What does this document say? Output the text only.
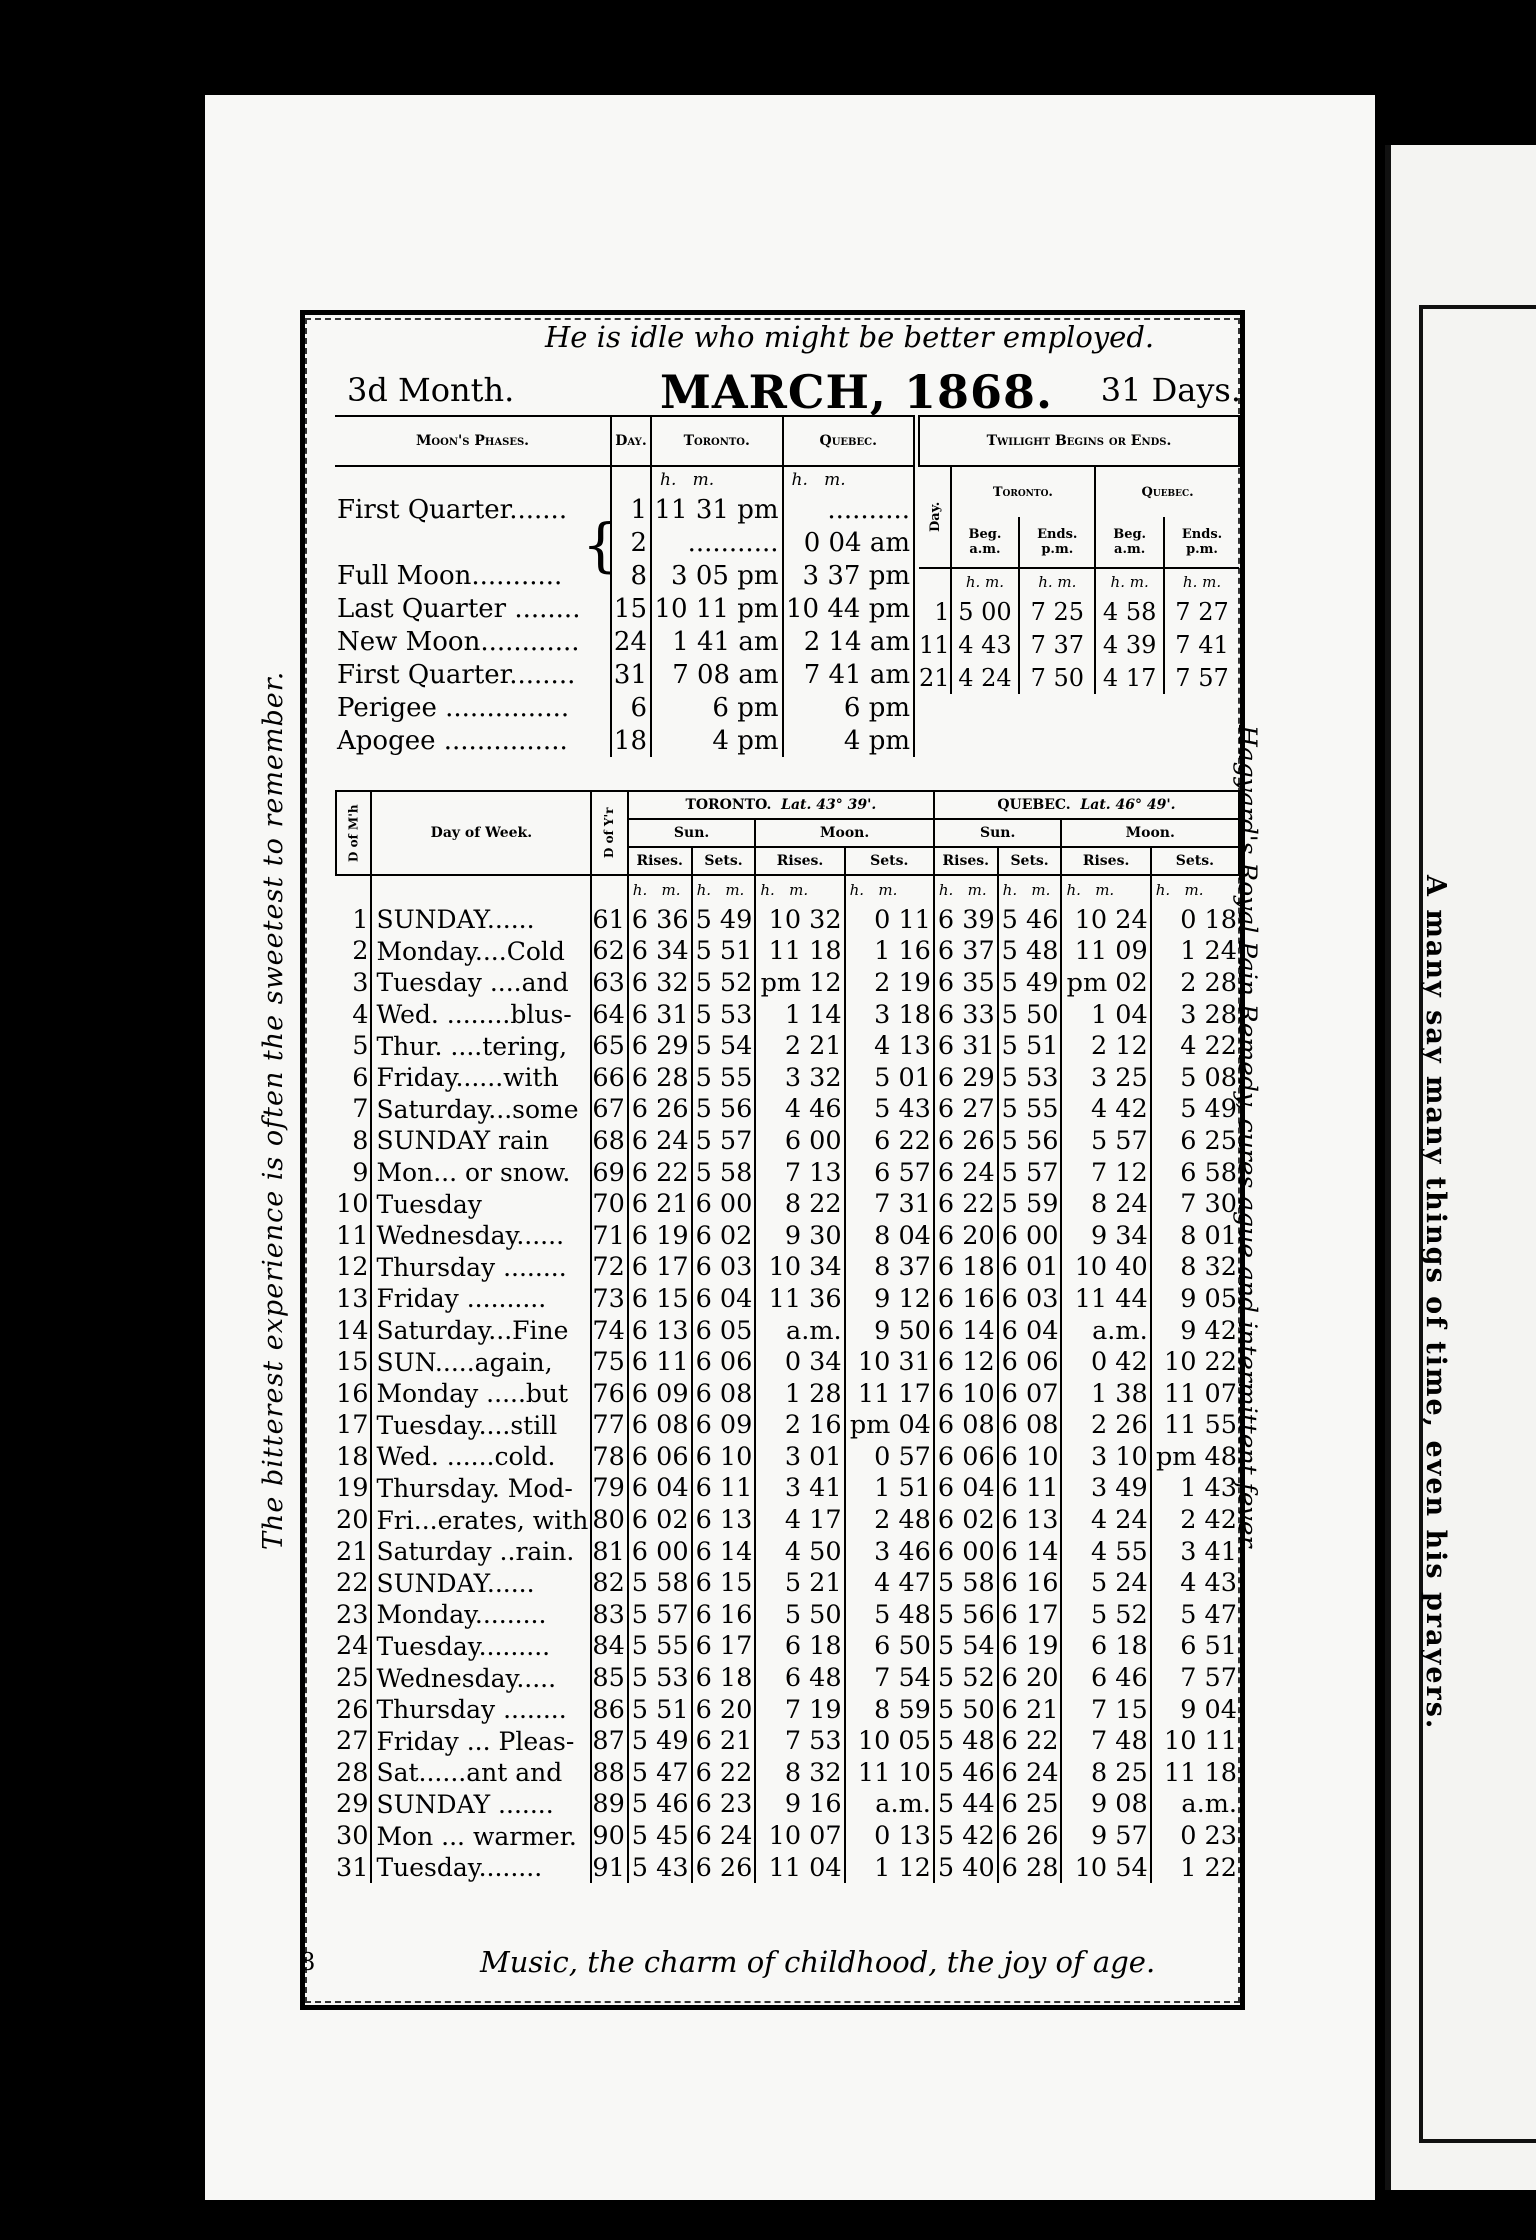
A many say many things of time, even his prayers.
He is idle who might be better employed.
3d Month.	MARCH, 1868. 31 Days.
Moon's Phases.	Day.	Toronto.	Quebec.
		h. m.	h. m.
First Quarter.......	1	11 31 pm	..........
	2	...........	0 04 am
Full Moon...........	8	3 05 pm	3 37 pm
Last Quarter ........	15	10 11 pm	10 44 pm
New Moon............	24	1 41 am	2 14 am
First Quarter........	31	7 08 am	7 41 am
Perigee ...............	6	6 pm	6 pm
Apogee ...............	18	4 pm	4 pm
Twilight Begins or Ends.				
Day.	Toronto.		Quebec.	
	Beg. a.m.	Ends. p.m.	Beg. a.m.	Ends. p.m.
	h. m.	h. m.	h. m.	h. m.
1	5 00	7 25	4 58	7 27
11	4 43	7 37	4 39	7 41
21	4 24	7 50	4 17	7 57
D of M'h	Day of Week.	D of Y'r	TORONTO. Lat. 43° 39'.				QUEBEC. Lat. 46° 49'.			
			Sun.		Moon.		Sun.		Moon.	
			Rises.	Sets.	Rises.	Sets.	Rises.	Sets.	Rises.	Sets.
			h. m.	h. m.	h. m.	h. m.	h. m.	h. m.	h. m.	h. m.
1	SUNDAY......	61	6 36	5 49	10 32	0 11	6 39	5 46	10 24	0 18
2	Monday....Cold	62	6 34	5 51	11 18	1 16	6 37	5 48	11 09	1 24
3	Tuesday ....and	63	6 32	5 52	pm 12	2 19	6 35	5 49	pm 02	2 28
4	Wed. ........blus-	64	6 31	5 53	1 14	3 18	6 33	5 50	1 04	3 28
5	Thur. ....tering,	65	6 29	5 54	2 21	4 13	6 31	5 51	2 12	4 22
6	Friday......with	66	6 28	5 55	3 32	5 01	6 29	5 53	3 25	5 08
7	Saturday...some	67	6 26	5 56	4 46	5 43	6 27	5 55	4 42	5 49
8	SUNDAY rain	68	6 24	5 57	6 00	6 22	6 26	5 56	5 57	6 25
9	Mon... or snow.	69	6 22	5 58	7 13	6 57	6 24	5 57	7 12	6 58
10	Tuesday	70	6 21	6 00	8 22	7 31	6 22	5 59	8 24	7 30
11	Wednesday......	71	6 19	6 02	9 30	8 04	6 20	6 00	9 34	8 01
12	Thursday ........	72	6 17	6 03	10 34	8 37	6 18	6 01	10 40	8 32
13	Friday ..........	73	6 15	6 04	11 36	9 12	6 16	6 03	11 44	9 05
14	Saturday...Fine	74	6 13	6 05	a.m.	9 50	6 14	6 04	a.m.	9 42
15	SUN.....again,	75	6 11	6 06	0 34	10 31	6 12	6 06	0 42	10 22
16	Monday .....but	76	6 09	6 08	1 28	11 17	6 10	6 07	1 38	11 07
17	Tuesday....still	77	6 08	6 09	2 16	pm 04	6 08	6 08	2 26	11 55
18	Wed. ......cold.	78	6 06	6 10	3 01	0 57	6 06	6 10	3 10	pm 48
19	Thursday. Mod-	79	6 04	6 11	3 41	1 51	6 04	6 11	3 49	1 43
20	Fri...erates, with	80	6 02	6 13	4 17	2 48	6 02	6 13	4 24	2 42
21	Saturday ..rain.	81	6 00	6 14	4 50	3 46	6 00	6 14	4 55	3 41
22	SUNDAY......	82	5 58	6 15	5 21	4 47	5 58	6 16	5 24	4 43
23	Monday.........	83	5 57	6 16	5 50	5 48	5 56	6 17	5 52	5 47
24	Tuesday.........	84	5 55	6 17	6 18	6 50	5 54	6 19	6 18	6 51
25	Wednesday.....	85	5 53	6 18	6 48	7 54	5 52	6 20	6 46	7 57
26	Thursday ........	86	5 51	6 20	7 19	8 59	5 50	6 21	7 15	9 04
27	Friday ... Pleas-	87	5 49	6 21	7 53	10 05	5 48	6 22	7 48	10 11
28	Sat......ant and	88	5 47	6 22	8 32	11 10	5 46	6 24	8 25	11 18
29	SUNDAY .......	89	5 46	6 23	9 16	a.m.	5 44	6 25	9 08	a.m.
30	Mon ... warmer.	90	5 45	6 24	10 07	0 13	5 42	6 26	9 57	0 23
31	Tuesday........	91	5 43	6 26	11 04	1 12	5 40	6 28	10 54	1 22
The bitterest experience is often the sweetest to remember.	Hagyard's Royal Pain Remedy, cures ague and intermittent fever.
8	Music, the charm of childhood, the joy of age.
{
